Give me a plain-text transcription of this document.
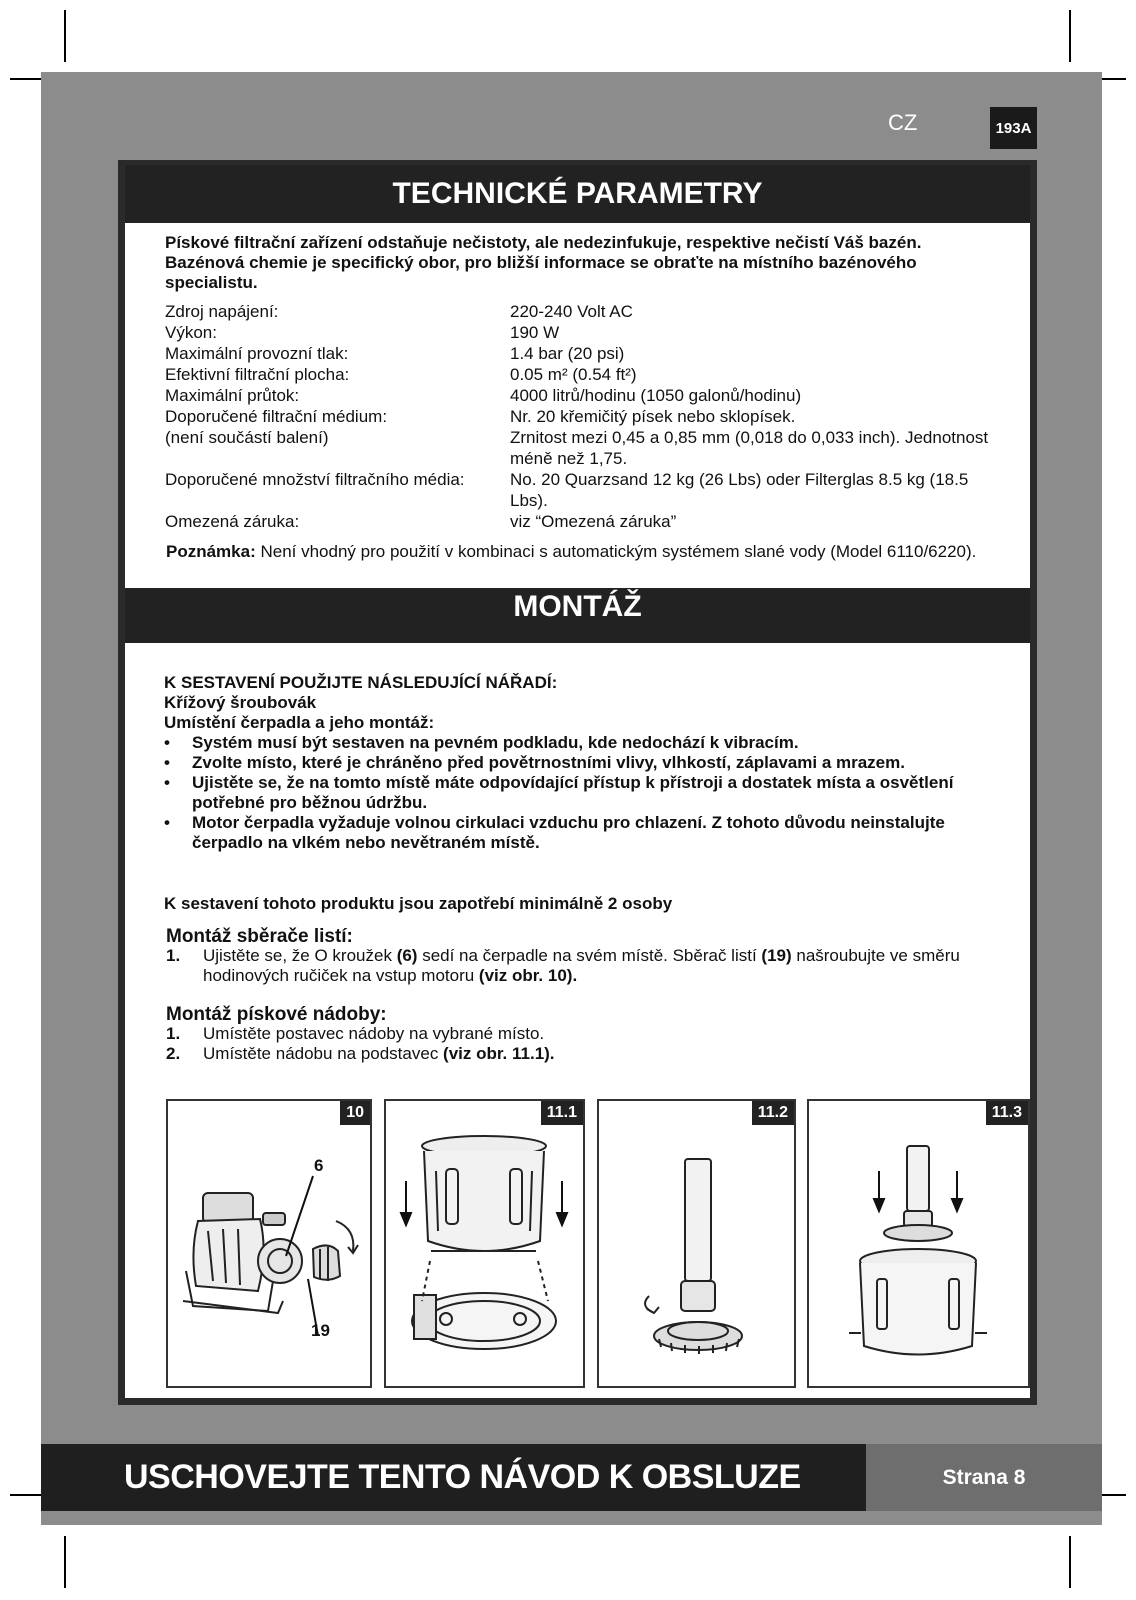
CZ	193A
TECHNICKÉ PARAMETRY
Pískové filtrační zařízení odstaňuje nečistoty, ale nedezinfukuje, respektive nečistí Váš bazén. Bazénová chemie je specifický obor, pro bližší informace se obraťte na místního bazénového specialistu.
Zdroj napájení:	220-240 Volt AC
Výkon:	190 W
Maximální provozní tlak:	1.4 bar (20 psi)
Efektivní filtrační plocha:	0.05 m² (0.54 ft²)
Maximální průtok:	4000 litrů/hodinu (1050 galonů/hodinu)
Doporučené filtrační médium:	Nr. 20 křemičitý písek nebo sklopísek.
(není součástí balení)	Zrnitost mezi 0,45 a 0,85 mm (0,018 do 0,033 inch). Jednotnost méně než 1,75.
Doporučené množství filtračního média:	No. 20 Quarzsand 12 kg (26 Lbs) oder Filterglas 8.5 kg (18.5 Lbs).
Omezená záruka:	viz “Omezená záruka”
Poznámka: Není vhodný pro použití v kombinaci s automatickým systémem slané vody (Model 6110/6220).
MONTÁŽ
K SESTAVENÍ POUŽIJTE NÁSLEDUJÍCÍ NÁŘADÍ:
Křížový šroubovák
Umístění čerpadla a jeho montáž:
•	Systém musí být sestaven na pevném podkladu, kde nedochází k vibracím.
•	Zvolte místo, které je chráněno před povětrnostními vlivy, vlhkostí, záplavami a mrazem.
•	Ujistěte se, že na tomto místě máte odpovídající přístup k přístroji a dostatek místa a osvětlení potřebné pro běžnou údržbu.
•	Motor čerpadla vyžaduje volnou cirkulaci vzduchu pro chlazení. Z tohoto důvodu neinstalujte čerpadlo na vlkém nebo nevětraném místě.
K sestavení tohoto produktu jsou zapotřebí minimálně 2 osoby
Montáž sběrače listí:
1.	Ujistěte se, že O kroužek (6) sedí na čerpadle na svém místě. Sběrač listí (19) našroubujte ve směru hodinových ručiček na vstup motoru (viz obr. 10).
Montáž pískové nádoby:
1.	Umístěte postavec nádoby na vybrané místo.
2.	Umístěte nádobu na podstavec (viz obr. 11.1).
10
6
19
11.1	11.2	11.3
USCHOVEJTE TENTO NÁVOD K OBSLUZE	Strana 8
